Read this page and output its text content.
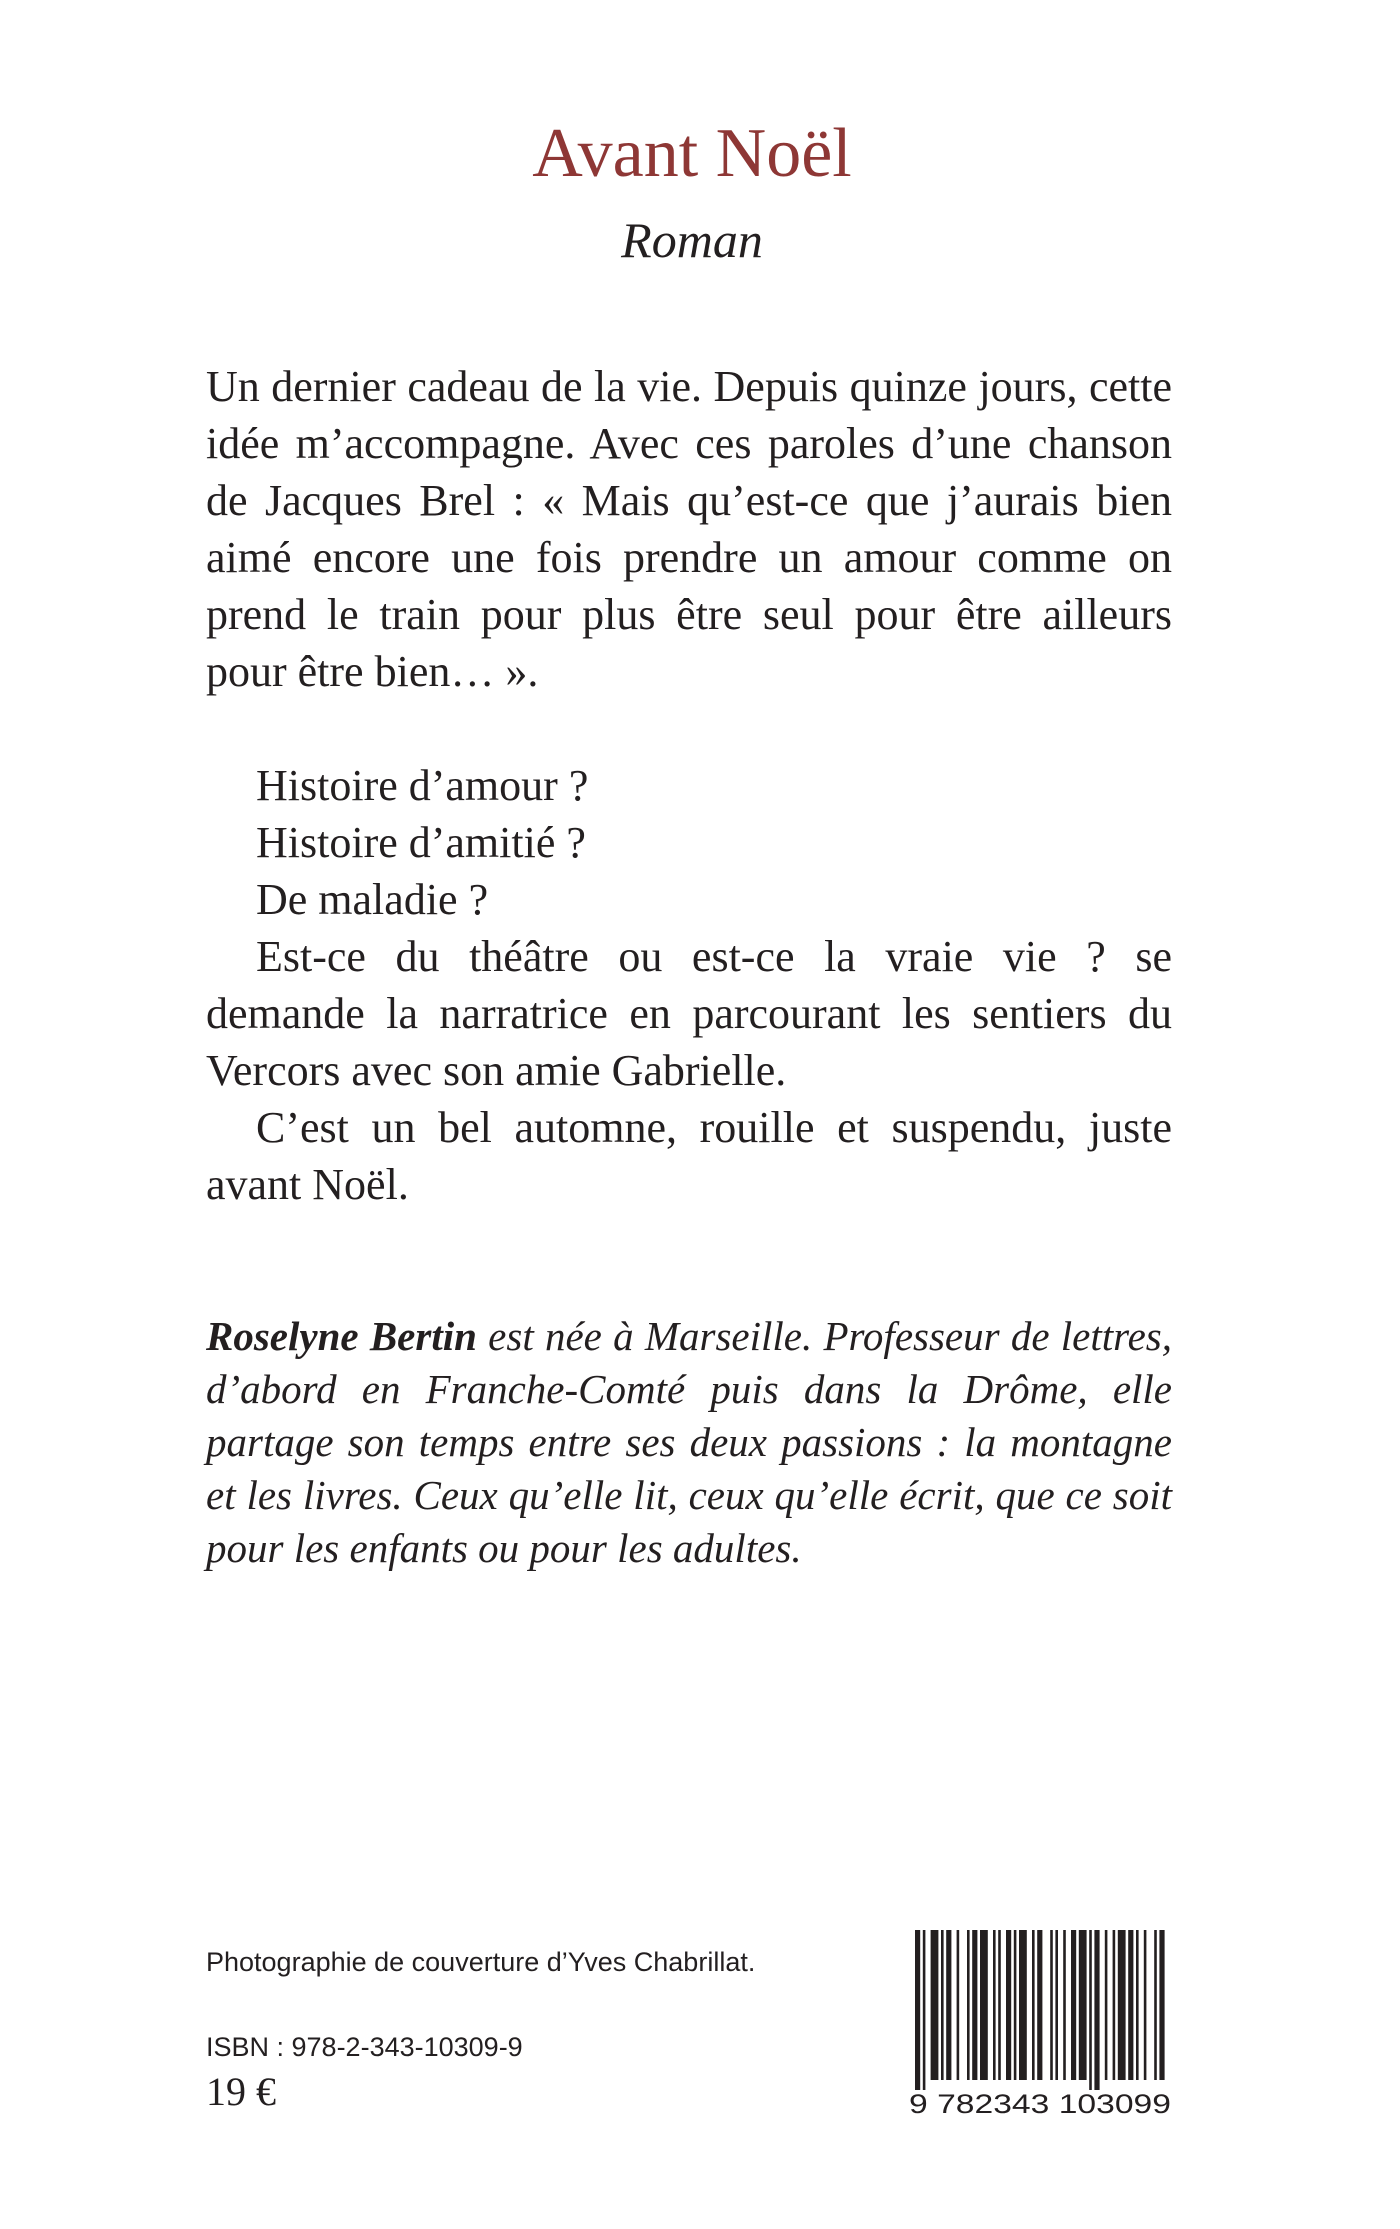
Avant Noël
Roman

Un dernier cadeau de la vie. Depuis quinze jours, cette idée m’accompagne. Avec ces paroles d’une chanson de Jacques Brel : « Mais qu’est-ce que j’aurais bien aimé encore une fois prendre un amour comme on prend le train pour plus être seul pour être ailleurs pour être bien… ».

Histoire d’amour ?

Histoire d’amitié ?

De maladie ?

Est-ce du théâtre ou est-ce la vraie vie ? se demande la narratrice en parcourant les sentiers du Vercors avec son amie Gabrielle.

C’est un bel automne, rouille et suspendu, juste avant Noël.

Roselyne Bertin est née à Marseille. Professeur de lettres, d’abord en Franche-Comté puis dans la Drôme, elle partage son temps entre ses deux passions : la montagne et les livres. Ceux qu’elle lit, ceux qu’elle écrit, que ce soit pour les enfants ou pour les adultes.

Photographie de couverture d’Yves Chabrillat.
ISBN : 978-2-343-10309-9
19 €	9 782343 103099
